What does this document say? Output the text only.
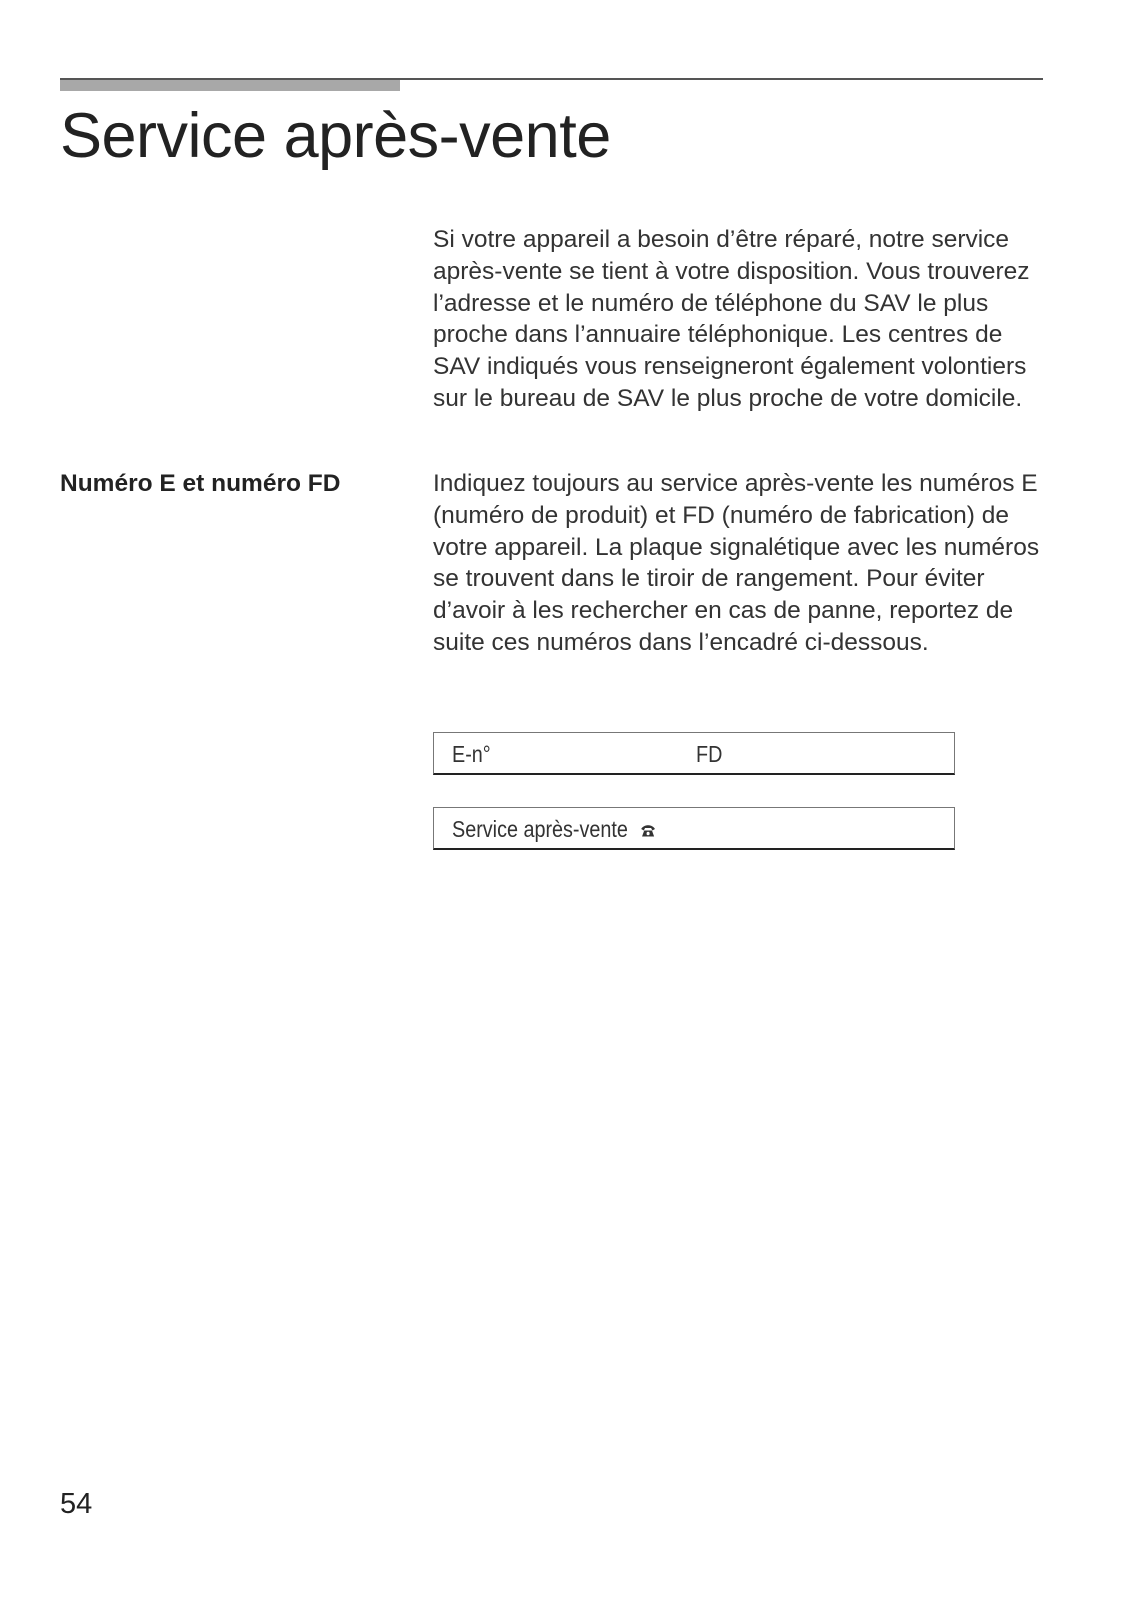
Service après-vente

Si votre appareil a besoin d’être réparé, notre service après-vente se tient à votre disposition. Vous trouverez l’adresse et le numéro de téléphone du SAV le plus proche dans l’annuaire téléphonique. Les centres de SAV indiqués vous renseigneront également volontiers sur le bureau de SAV le plus proche de votre domicile.

Numéro E et numéro FD	Indiquez toujours au service après-vente les numéros E (numéro de produit) et FD (numéro de fabrication) de votre appareil. La plaque signalétique avec les numéros se trouvent dans le tiroir de rangement. Pour éviter d’avoir à les rechercher en cas de panne, reportez de suite ces numéros dans l’encadré ci-dessous.

E-n°	FD
Service après-vente

54
